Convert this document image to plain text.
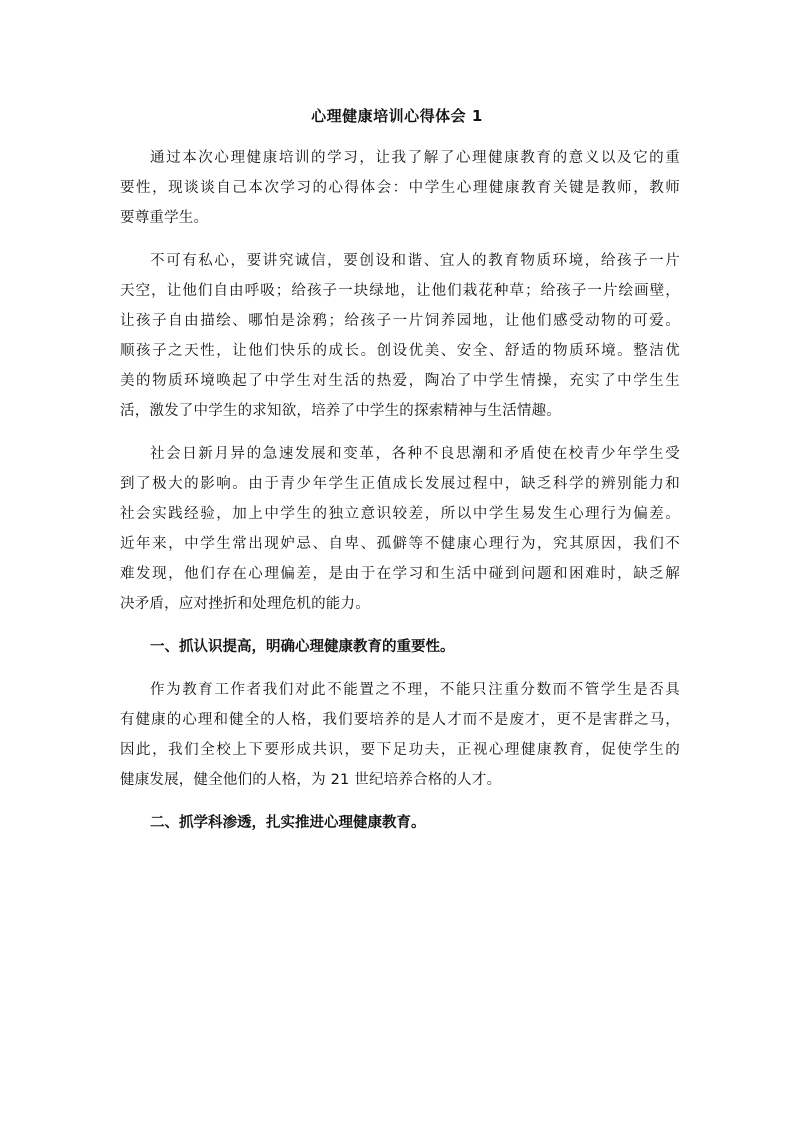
心理健康培训心得体会 1

通过本次心理健康培训的学习，让我了解了心理健康教育的意义以及它的重
要性，现谈谈自己本次学习的心得体会：中学生心理健康教育关键是教师，教师
要尊重学生。

不可有私心，要讲究诚信，要创设和谐、宜人的教育物质环境，给孩子一片
天空，让他们自由呼吸；给孩子一块绿地，让他们栽花种草；给孩子一片绘画壁，
让孩子自由描绘、哪怕是涂鸦；给孩子一片饲养园地，让他们感受动物的可爱。
顺孩子之天性，让他们快乐的成长。创设优美、安全、舒适的物质环境。整洁优
美的物质环境唤起了中学生对生活的热爱，陶冶了中学生情操，充实了中学生生
活，激发了中学生的求知欲，培养了中学生的探索精神与生活情趣。

社会日新月异的急速发展和变革，各种不良思潮和矛盾使在校青少年学生受
到了极大的影响。由于青少年学生正值成长发展过程中，缺乏科学的辨别能力和
社会实践经验，加上中学生的独立意识较差，所以中学生易发生心理行为偏差。
近年来，中学生常出现妒忌、自卑、孤僻等不健康心理行为，究其原因，我们不
难发现，他们存在心理偏差，是由于在学习和生活中碰到问题和困难时，缺乏解
决矛盾，应对挫折和处理危机的能力。

一、抓认识提高，明确心理健康教育的重要性。

作为教育工作者我们对此不能置之不理，不能只注重分数而不管学生是否具
有健康的心理和健全的人格，我们要培养的是人才而不是废才，更不是害群之马，
因此，我们全校上下要形成共识，要下足功夫，正视心理健康教育，促使学生的
健康发展，健全他们的人格，为 21 世纪培养合格的人才。

二、抓学科渗透，扎实推进心理健康教育。
